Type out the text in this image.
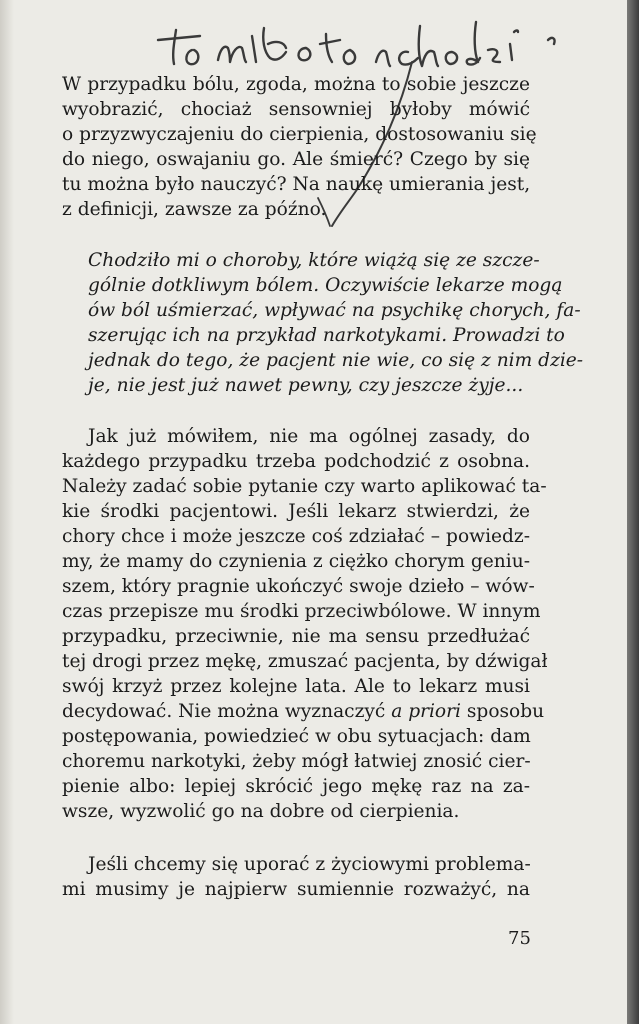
W przypadku bólu, zgoda, można to sobie jeszcze
wyobrazić, chociaż sensowniej byłoby mówić
o przyzwyczajeniu do cierpienia, dostosowaniu się
do niego, oswajaniu go. Ale śmierć? Czego by się
tu można było nauczyć? Na naukę umierania jest,
z definicji, zawsze za późno.
Chodziło mi o choroby, które wiążą się ze szcze-
gólnie dotkliwym bólem. Oczywiście lekarze mogą
ów ból uśmierzać, wpływać na psychikę chorych, fa-
szerując ich na przykład narkotykami. Prowadzi to
jednak do tego, że pacjent nie wie, co się z nim dzie-
je, nie jest już nawet pewny, czy jeszcze żyje...
Jak już mówiłem, nie ma ogólnej zasady, do
każdego przypadku trzeba podchodzić z osobna.
Należy zadać sobie pytanie czy warto aplikować ta-
kie środki pacjentowi. Jeśli lekarz stwierdzi, że
chory chce i może jeszcze coś zdziałać – powiedz-
my, że mamy do czynienia z ciężko chorym geniu-
szem, który pragnie ukończyć swoje dzieło – wów-
czas przepisze mu środki przeciwbólowe. W innym
przypadku, przeciwnie, nie ma sensu przedłużać
tej drogi przez mękę, zmuszać pacjenta, by dźwigał
swój krzyż przez kolejne lata. Ale to lekarz musi
decydować. Nie można wyznaczyć a priori sposobu
postępowania, powiedzieć w obu sytuacjach: dam
choremu narkotyki, żeby mógł łatwiej znosić cier-
pienie albo: lepiej skrócić jego mękę raz na za-
wsze, wyzwolić go na dobre od cierpienia.
Jeśli chcemy się uporać z życiowymi problema-
mi musimy je najpierw sumiennie rozważyć, na
75
